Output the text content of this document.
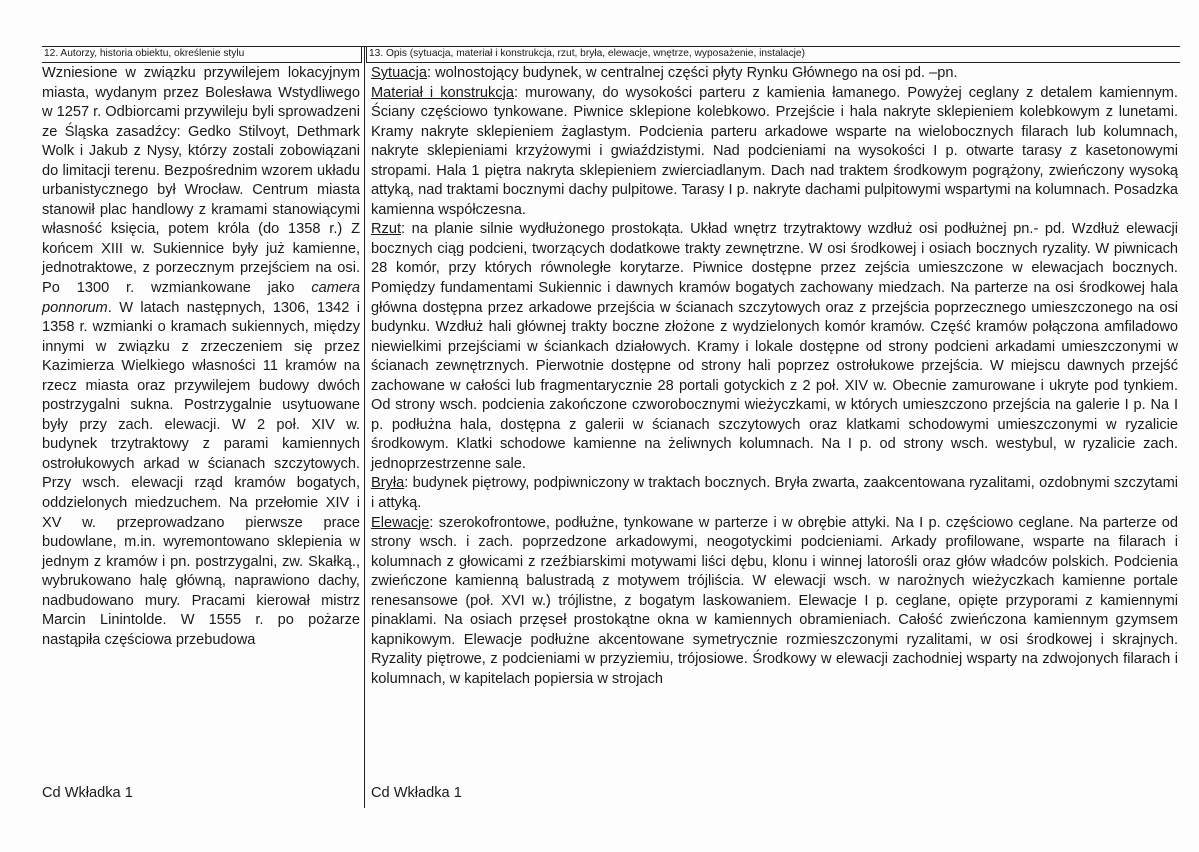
12. Autorzy, historia obiektu, określenie stylu	13. Opis (sytuacja, materiał i konstrukcja, rzut, bryła, elewacje, wnętrze, wyposażenie, instalacje)

Wzniesione w związku przywilejem lokacyjnym miasta, wydanym przez Bolesława Wstydliwego w 1257 r. Odbiorcami przywileju byli sprowadzeni ze Śląska zasadźcy: Gedko Stilvoyt, Dethmark Wolk i Jakub z Nysy, którzy zostali zobowiązani do limitacji terenu. Bezpośrednim wzorem układu urbanistycznego był Wrocław. Centrum miasta stanowił plac handlowy z kramami stanowiącymi własność księcia, potem króla (do 1358 r.) Z końcem XIII w. Sukiennice były już kamienne, jednotraktowe, z porzecznym przejściem na osi. Po 1300 r. wzmiankowane jako camera ponnorum. W latach następnych, 1306, 1342 i 1358 r. wzmianki o kramach sukiennych, między innymi w związku z zrzeczeniem się przez Kazimierza Wielkiego własności 11 kramów na rzecz miasta oraz przywilejem budowy dwóch postrzygalni sukna. Postrzygalnie usytuowane były przy zach. elewacji. W 2 poł. XIV w. budynek trzytraktowy z parami kamiennych ostrołukowych arkad w ścianach szczytowych. Przy wsch. elewacji rząd kramów bogatych, oddzielonych miedzuchem. Na przełomie XIV i XV w. przeprowadzano pierwsze prace budowlane, m.in. wyremontowano sklepienia w jednym z kramów i pn. postrzygalni, zw. Skałką., wybrukowano halę główną, naprawiono dachy, nadbudowano mury. Pracami kierował mistrz Marcin Linintolde. W 1555 r. po pożarze nastąpiła częściowa przebudowa

Cd Wkładka 1

Sytuacja: wolnostojący budynek, w centralnej części płyty Rynku Głównego na osi pd. –pn.

Materiał i konstrukcja: murowany, do wysokości parteru z kamienia łamanego. Powyżej ceglany z detalem kamiennym. Ściany częściowo tynkowane. Piwnice sklepione kolebkowo. Przejście i hala nakryte sklepieniem kolebkowym z lunetami. Kramy nakryte sklepieniem żaglastym. Podcienia parteru arkadowe wsparte na wielobocznych filarach lub kolumnach, nakryte sklepieniami krzyżowymi i gwiaździstymi. Nad podcieniami na wysokości I p. otwarte tarasy z kasetonowymi stropami. Hala 1 piętra nakryta sklepieniem zwierciadlanym. Dach nad traktem środkowym pogrążony, zwieńczony wysoką attyką, nad traktami bocznymi dachy pulpitowe. Tarasy I p. nakryte dachami pulpitowymi wspartymi na kolumnach. Posadzka kamienna współczesna.

Rzut: na planie silnie wydłużonego prostokąta. Układ wnętrz trzytraktowy wzdłuż osi podłużnej pn.- pd. Wzdłuż elewacji bocznych ciąg podcieni, tworzących dodatkowe trakty zewnętrzne. W osi środkowej i osiach bocznych ryzality. W piwnicach 28 komór, przy których równoległe korytarze. Piwnice dostępne przez zejścia umieszczone w elewacjach bocznych. Pomiędzy fundamentami Sukiennic i dawnych kramów bogatych zachowany miedzach. Na parterze na osi środkowej hala główna dostępna przez arkadowe przejścia w ścianach szczytowych oraz z przejścia poprzecznego umieszczonego na osi budynku. Wzdłuż hali głównej trakty boczne złożone z wydzielonych komór kramów. Część kramów połączona amfiladowo niewielkimi przejściami w ściankach działowych. Kramy i lokale dostępne od strony podcieni arkadami umieszczonymi w ścianach zewnętrznych. Pierwotnie dostępne od strony hali poprzez ostrołukowe przejścia. W miejscu dawnych przejść zachowane w całości lub fragmentarycznie 28 portali gotyckich z 2 poł. XIV w. Obecnie zamurowane i ukryte pod tynkiem. Od strony wsch. podcienia zakończone czworobocznymi wieżyczkami, w których umieszczono przejścia na galerie I p. Na I p. podłużna hala, dostępna z galerii w ścianach szczytowych oraz klatkami schodowymi umieszczonymi w ryzalicie środkowym. Klatki schodowe kamienne na żeliwnych kolumnach. Na I p. od strony wsch. westybul, w ryzalicie zach. jednoprzestrzenne sale.

Bryła: budynek piętrowy, podpiwniczony w traktach bocznych. Bryła zwarta, zaakcentowana ryzalitami, ozdobnymi szczytami i attyką.

Elewacje: szerokofrontowe, podłużne, tynkowane w parterze i w obrębie attyki. Na I p. częściowo ceglane. Na parterze od strony wsch. i zach. poprzedzone arkadowymi, neogotyckimi podcieniami. Arkady profilowane, wsparte na filarach i kolumnach z głowicami z rzeźbiarskimi motywami liści dębu, klonu i winnej latorośli oraz głów władców polskich. Podcienia zwieńczone kamienną balustradą z motywem trójliścia. W elewacji wsch. w narożnych wieżyczkach kamienne portale renesansowe (poł. XVI w.) trójlistne, z bogatym laskowaniem. Elewacje I p. ceglane, opięte przyporami z kamiennymi pinaklami. Na osiach przęseł prostokątne okna w kamiennych obramieniach. Całość zwieńczona kamiennym gzymsem kapnikowym. Elewacje podłużne akcentowane symetrycznie rozmieszczonymi ryzalitami, w osi środkowej i skrajnych. Ryzality piętrowe, z podcieniami w przyziemiu, trójosiowe. Środkowy w elewacji zachodniej wsparty na zdwojonych filarach i kolumnach, w kapitelach popiersia w strojach

Cd Wkładka 1
